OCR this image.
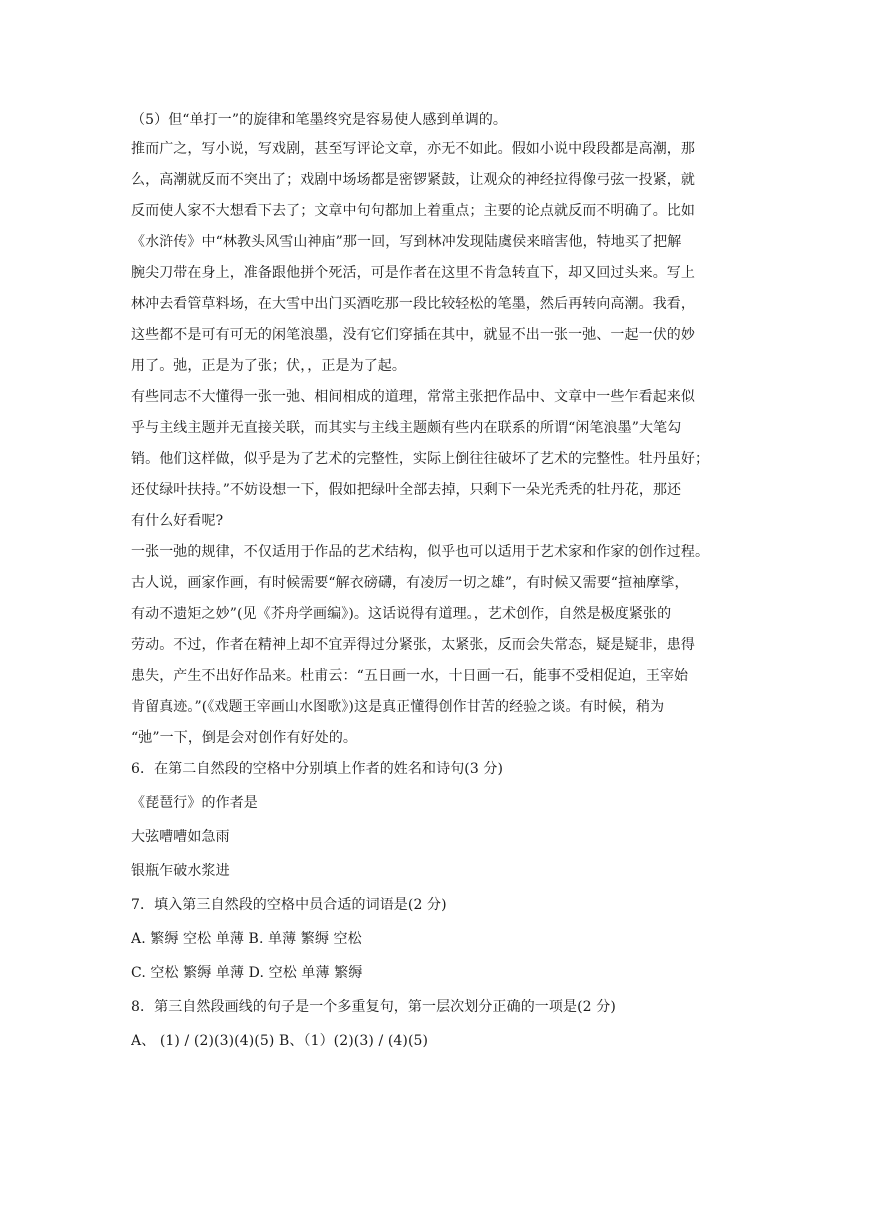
（5）但“单打一”的旋律和笔墨终究是容易使人感到单调的。
推而广之，写小说，写戏剧，甚至写评论文章，亦无不如此。假如小说中段段都是高潮，那
么，高潮就反而不突出了；戏剧中场场都是密锣紧鼓，让观众的神经拉得像弓弦一投紧，就
反而使人家不大想看下去了；文章中句句都加上着重点；主要的论点就反而不明确了。比如
《水浒传》中“林教头风雪山神庙”那一回，写到林冲发现陆虞侯来暗害他，特地买了把解
腕尖刀带在身上，准备跟他拼个死活，可是作者在这里不肯急转直下，却又回过头来。写上
林冲去看管草料场，在大雪中出门买酒吃那一段比较轻松的笔墨，然后再转向高潮。我看，
这些都不是可有可无的闲笔浪墨，没有它们穿插在其中，就显不出一张一弛、一起一伏的妙
用了。弛，正是为了张；伏，，正是为了起。
有些同志不大懂得一张一弛、相间相成的道理，常常主张把作品中、文章中一些乍看起来似
乎与主线主题并无直接关联，而其实与主线主题颇有些内在联系的所谓“闲笔浪墨”大笔勾
销。他们这样做，似乎是为了艺术的完整性，实际上倒往往破坏了艺术的完整性。牡丹虽好；
还仗绿叶扶持。”不妨设想一下，假如把绿叶全部去掉，只剩下一朵光秃秃的牡丹花，那还
有什么好看呢?
一张一弛的规律，不仅适用于作品的艺术结构，似乎也可以适用于艺术家和作家的创作过程。
古人说，画家作画，有时候需要“解衣磅礴，有凌厉一切之雄”，有时候又需要“揎袖摩挲，
有动不遗矩之妙”(见《芥舟学画编》)。这话说得有道理。，艺术创作，自然是极度紧张的
劳动。不过，作者在精神上却不宜弄得过分紧张，太紧张，反而会失常态，疑是疑非，患得
患失，产生不出好作品来。杜甫云：“五日画一水，十日画一石，能事不受相促迫，王宰始
肯留真迹。”(《戏题王宰画山水图歌》)这是真正懂得创作甘苦的经验之谈。有时候，稍为
“弛”一下，倒是会对创作有好处的。
6．在第二自然段的空格中分别填上作者的姓名和诗句(3 分)
《琵琶行》的作者是
大弦嘈嘈如急雨
银瓶乍破水浆进
7．填入第三自然段的空格中员合适的词语是(2 分)
A. 繁缛 空松 单薄 B. 单薄 繁缛 空松
C. 空松 繁缛 单薄 D. 空松 单薄 繁缛
8．第三自然段画线的句子是一个多重复句，第一层次划分正确的一项是(2 分)
A、 (1) / (2)(3)(4)(5) B、（1）(2)(3) / (4)(5)
